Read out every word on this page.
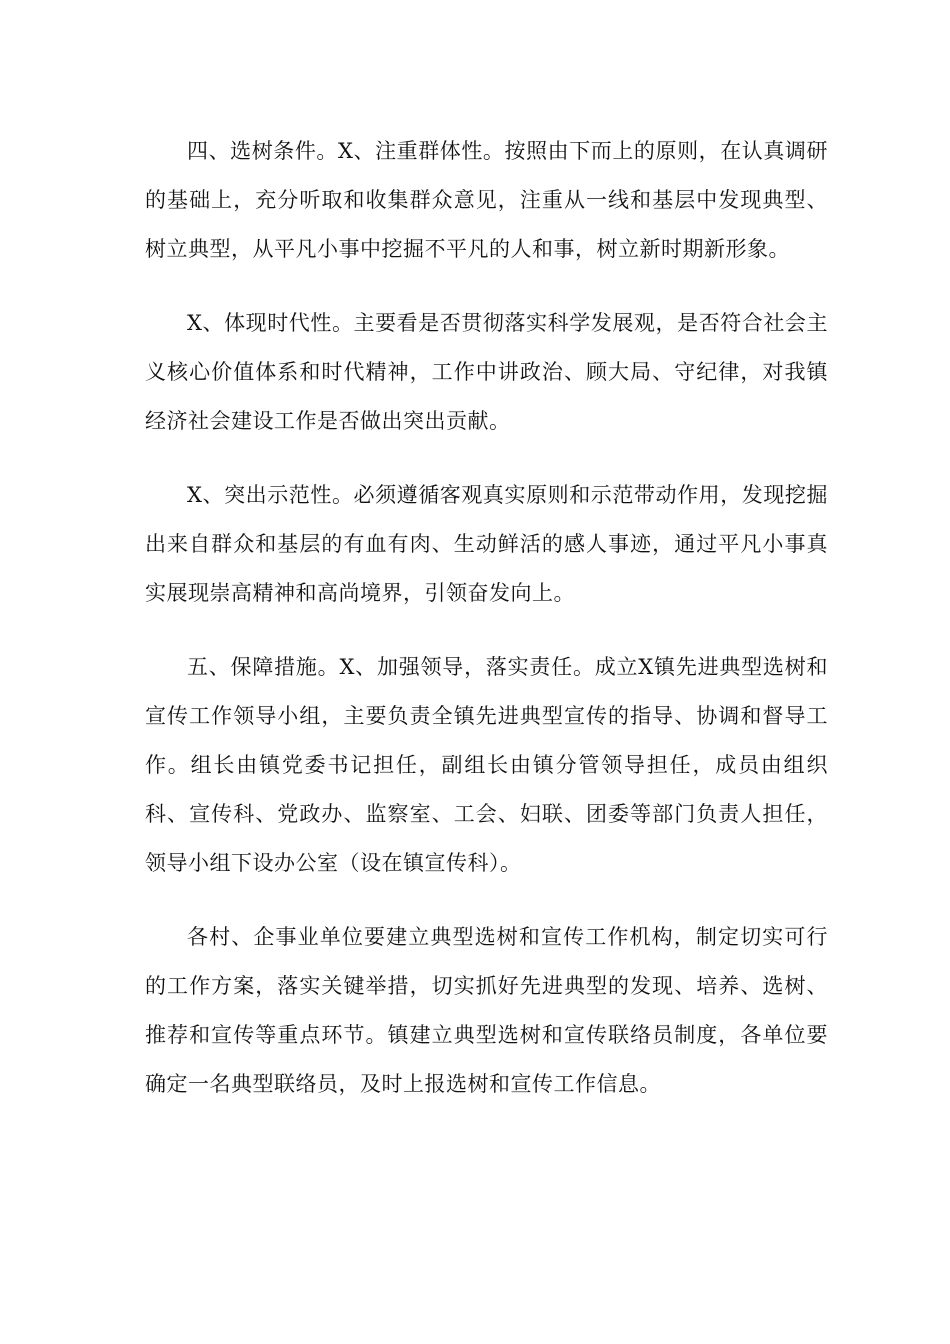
四、选树条件。X、注重群体性。按照由下而上的原则，在认真调研的基础上，充分听取和收集群众意见，注重从一线和基层中发现典型、树立典型，从平凡小事中挖掘不平凡的人和事，树立新时期新形象。

X、体现时代性。主要看是否贯彻落实科学发展观，是否符合社会主义核心价值体系和时代精神，工作中讲政治、顾大局、守纪律，对我镇经济社会建设工作是否做出突出贡献。

X、突出示范性。必须遵循客观真实原则和示范带动作用，发现挖掘出来自群众和基层的有血有肉、生动鲜活的感人事迹，通过平凡小事真实展现崇高精神和高尚境界，引领奋发向上。

五、保障措施。X、加强领导，落实责任。成立X镇先进典型选树和宣传工作领导小组，主要负责全镇先进典型宣传的指导、协调和督导工作。组长由镇党委书记担任，副组长由镇分管领导担任，成员由组织科、宣传科、党政办、监察室、工会、妇联、团委等部门负责人担任，领导小组下设办公室（设在镇宣传科）。

各村、企事业单位要建立典型选树和宣传工作机构，制定切实可行的工作方案，落实关键举措，切实抓好先进典型的发现、培养、选树、推荐和宣传等重点环节。镇建立典型选树和宣传联络员制度，各单位要确定一名典型联络员，及时上报选树和宣传工作信息。
